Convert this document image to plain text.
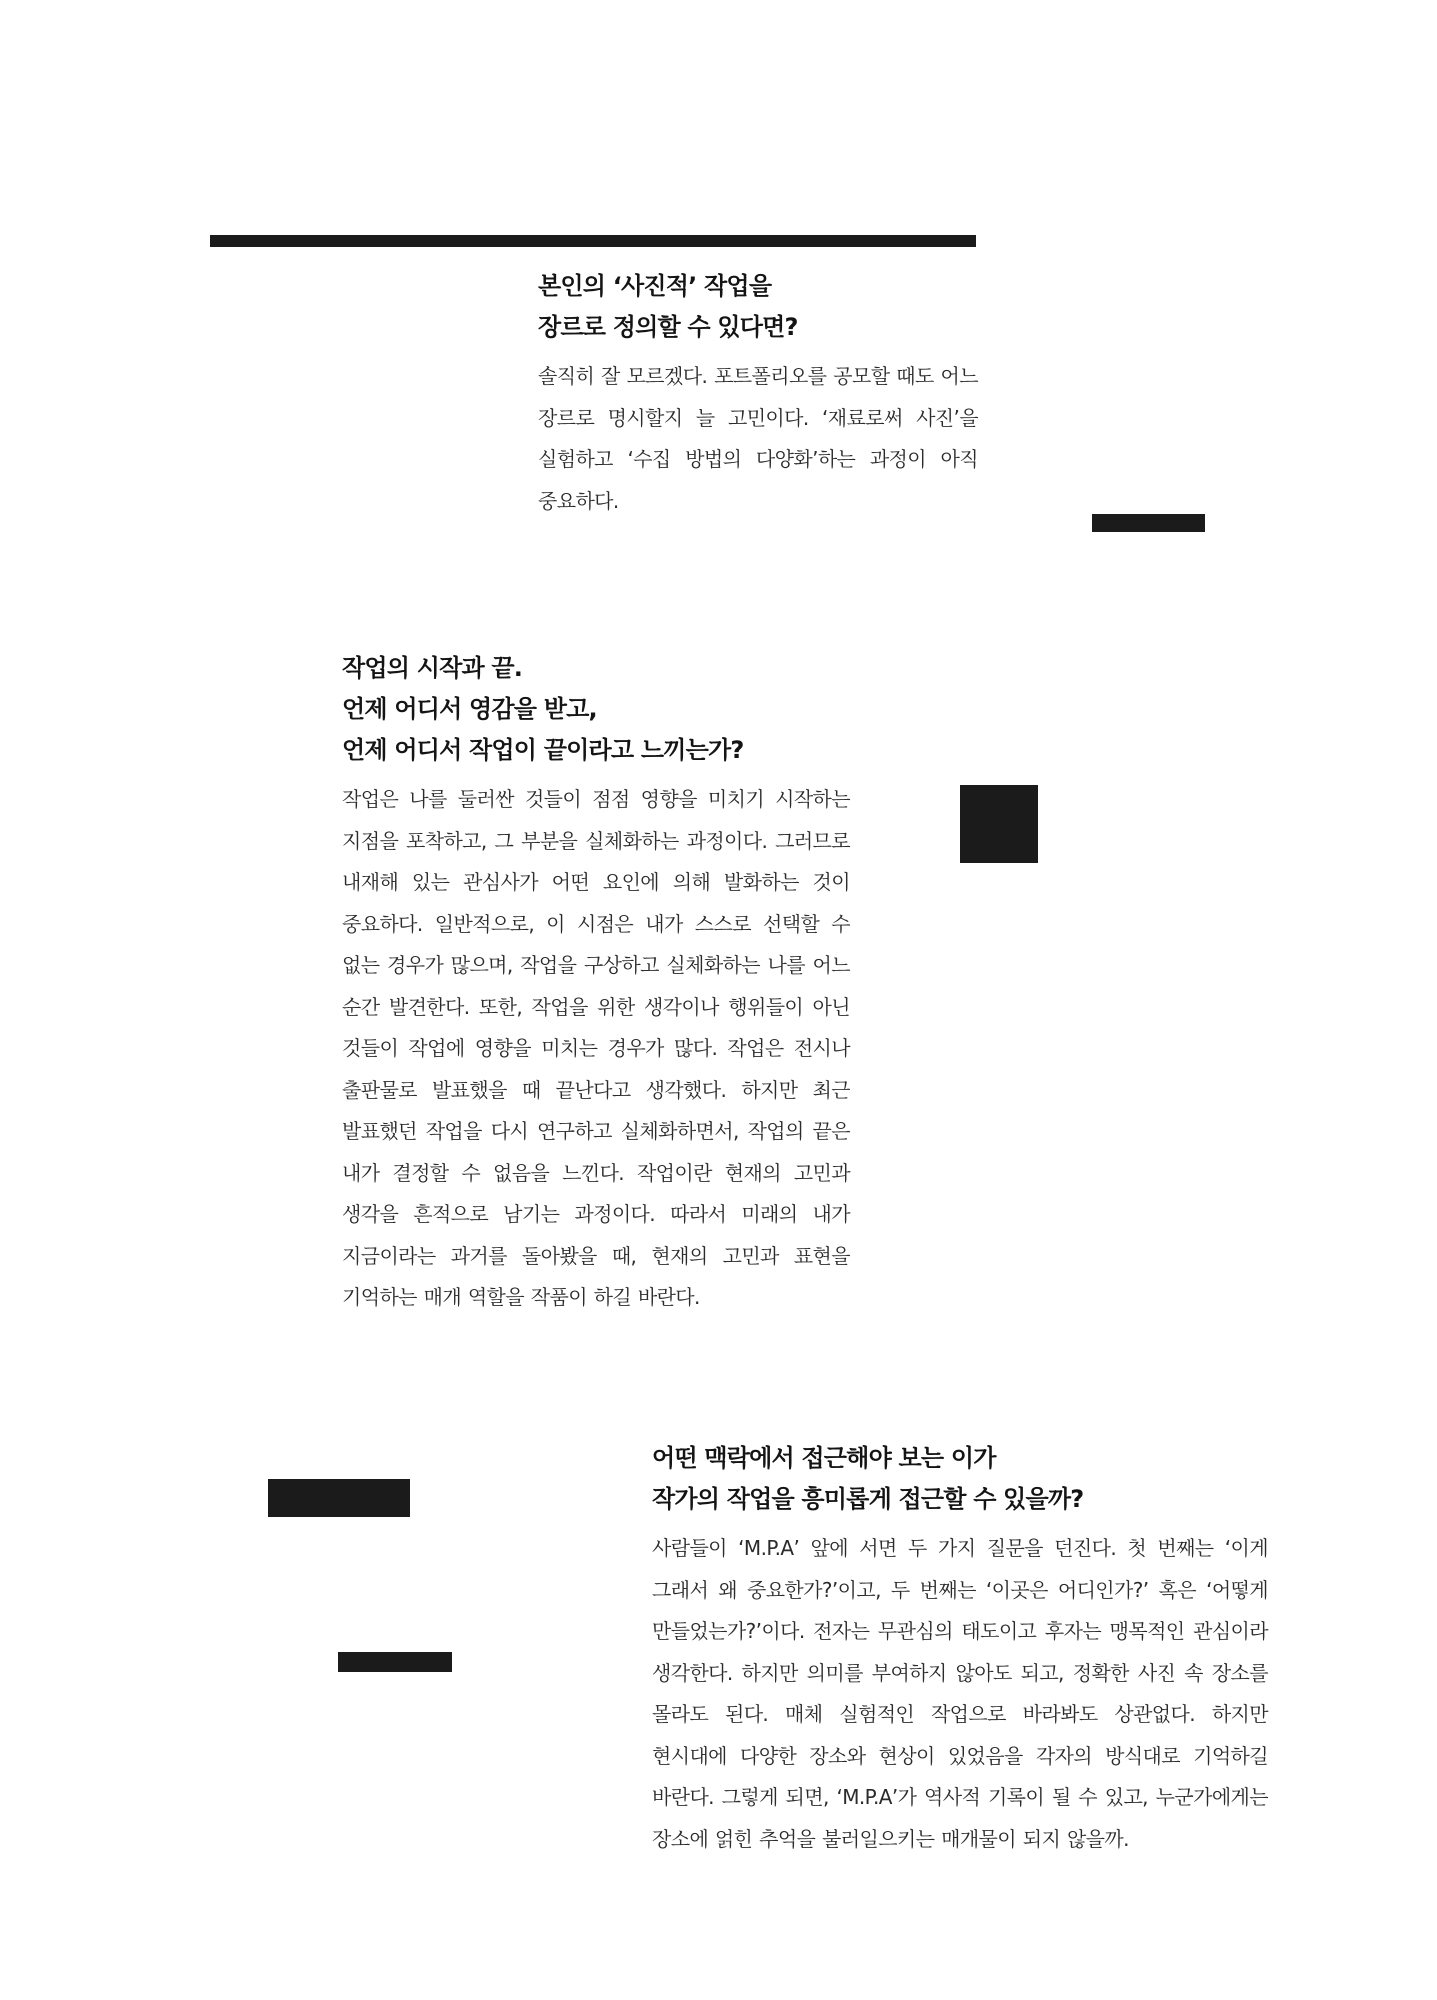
본인의 ‘사진적’ 작업을
장르로 정의할 수 있다면?

솔직히 잘 모르겠다. 포트폴리오를 공모할 때도 어느 장르로 명시할지 늘 고민이다. ‘재료로써 사진’을 실험하고 ‘수집 방법의 다양화’하는 과정이 아직 중요하다.

작업의 시작과 끝.
언제 어디서 영감을 받고,
언제 어디서 작업이 끝이라고 느끼는가?

작업은 나를 둘러싼 것들이 점점 영향을 미치기 시작하는 지점을 포착하고, 그 부분을 실체화하는 과정이다. 그러므로 내재해 있는 관심사가 어떤 요인에 의해 발화하는 것이 중요하다. 일반적으로, 이 시점은 내가 스스로 선택할 수 없는 경우가 많으며, 작업을 구상하고 실체화하는 나를 어느 순간 발견한다. 또한, 작업을 위한 생각이나 행위들이 아닌 것들이 작업에 영향을 미치는 경우가 많다. 작업은 전시나 출판물로 발표했을 때 끝난다고 생각했다. 하지만 최근 발표했던 작업을 다시 연구하고 실체화하면서, 작업의 끝은 내가 결정할 수 없음을 느낀다. 작업이란 현재의 고민과 생각을 흔적으로 남기는 과정이다. 따라서 미래의 내가 지금이라는 과거를 돌아봤을 때, 현재의 고민과 표현을 기억하는 매개 역할을 작품이 하길 바란다.

어떤 맥락에서 접근해야 보는 이가
작가의 작업을 흥미롭게 접근할 수 있을까?

사람들이 ‘M.P.A’ 앞에 서면 두 가지 질문을 던진다. 첫 번째는 ‘이게 그래서 왜 중요한가?’이고, 두 번째는 ‘이곳은 어디인가?’ 혹은 ‘어떻게 만들었는가?’이다. 전자는 무관심의 태도이고 후자는 맹목적인 관심이라 생각한다. 하지만 의미를 부여하지 않아도 되고, 정확한 사진 속 장소를 몰라도 된다. 매체 실험적인 작업으로 바라봐도 상관없다. 하지만 현시대에 다양한 장소와 현상이 있었음을 각자의 방식대로 기억하길 바란다. 그렇게 되면, ‘M.P.A’가 역사적 기록이 될 수 있고, 누군가에게는 장소에 얽힌 추억을 불러일으키는 매개물이 되지 않을까.
